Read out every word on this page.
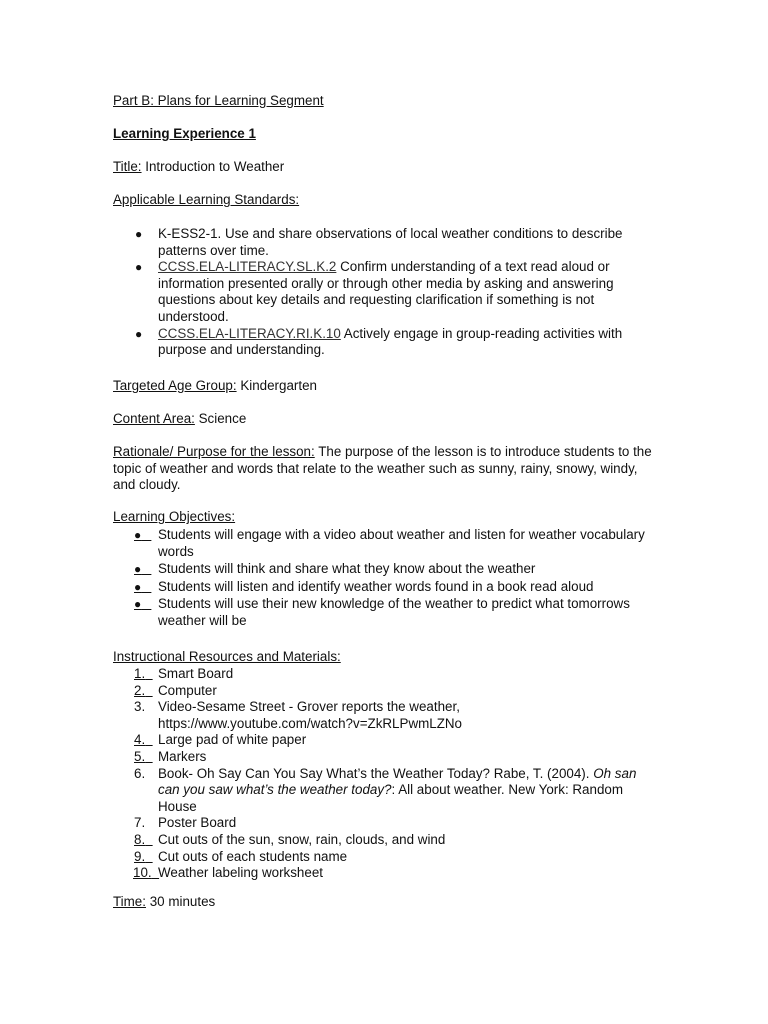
Part B: Plans for Learning Segment
Learning Experience 1
Title: Introduction to Weather
Applicable Learning Standards:
● K-ESS2-1. Use and share observations of local weather conditions to describe patterns over time.
● CCSS.ELA-LITERACY.SL.K.2 Confirm understanding of a text read aloud or information presented orally or through other media by asking and answering questions about key details and requesting clarification if something is not understood.
● CCSS.ELA-LITERACY.RI.K.10 Actively engage in group-reading activities with purpose and understanding.
Targeted Age Group: Kindergarten
Content Area: Science
Rationale/ Purpose for the lesson: The purpose of the lesson is to introduce students to the topic of weather and words that relate to the weather such as sunny, rainy, snowy, windy, and cloudy.
Learning Objectives:
●	Students will engage with a video about weather and listen for weather vocabulary words
●	Students will think and share what they know about the weather
●	Students will listen and identify weather words found in a book read aloud
●	Students will use their new knowledge of the weather to predict what tomorrows weather will be
Instructional Resources and Materials:
1. Smart Board
2. Computer
3. Video-Sesame Street - Grover reports the weather, https://www.youtube.com/watch?v=ZkRLPwmLZNo
4. Large pad of white paper
5. Markers
6. Book- Oh Say Can You Say What’s the Weather Today? Rabe, T. (2004). Oh san can you saw what’s the weather today?: All about weather. New York: Random House
7. Poster Board
8. Cut outs of the sun, snow, rain, clouds, and wind
9. Cut outs of each students name
10. Weather labeling worksheet
Time: 30 minutes
